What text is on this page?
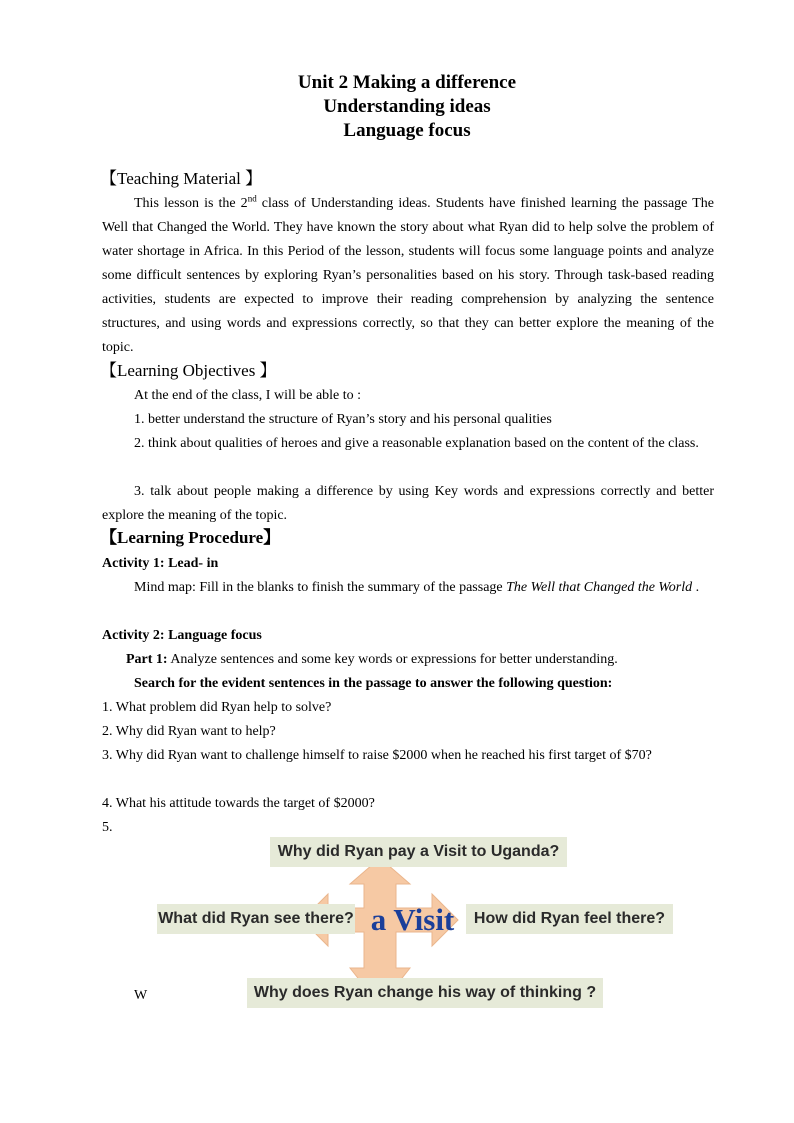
Unit 2 Making a difference
Understanding ideas
Language focus
【Teaching Material 】
This lesson is the 2nd class of Understanding ideas. Students have finished learning the passage The Well that Changed the World. They have known the story about what Ryan did to help solve the problem of water shortage in Africa. In this Period of the lesson, students will focus some language points and analyze some difficult sentences by exploring Ryan’s personalities based on his story. Through task-based reading activities, students are expected to improve their reading comprehension by analyzing the sentence structures, and using words and expressions correctly, so that they can better explore the meaning of the topic.
【Learning Objectives 】
At the end of the class, I will be able to :
1. better understand the structure of Ryan’s story and his personal qualities
2. think about qualities of heroes and give a reasonable explanation based on the content of the class.
3. talk about people making a difference by using Key words and expressions correctly and better explore the meaning of the topic.
【Learning Procedure】
Activity 1: Lead- in
Mind map: Fill in the blanks to finish the summary of the passage The Well that Changed the World .
Activity 2: Language focus
Part 1: Analyze sentences and some key words or expressions for better understanding.
Search for the evident sentences in the passage to answer the following question:
1. What problem did Ryan help to solve?
2. Why did Ryan want to help?
3. Why did Ryan want to challenge himself to raise $2000 when he reached his first target of $70?
4. What his attitude towards the target of $2000?
5.
W
Why did Ryan pay a Visit to Uganda?
What did Ryan see there?	How did Ryan feel there?
Why does Ryan change his way of thinking ?
a Visit
